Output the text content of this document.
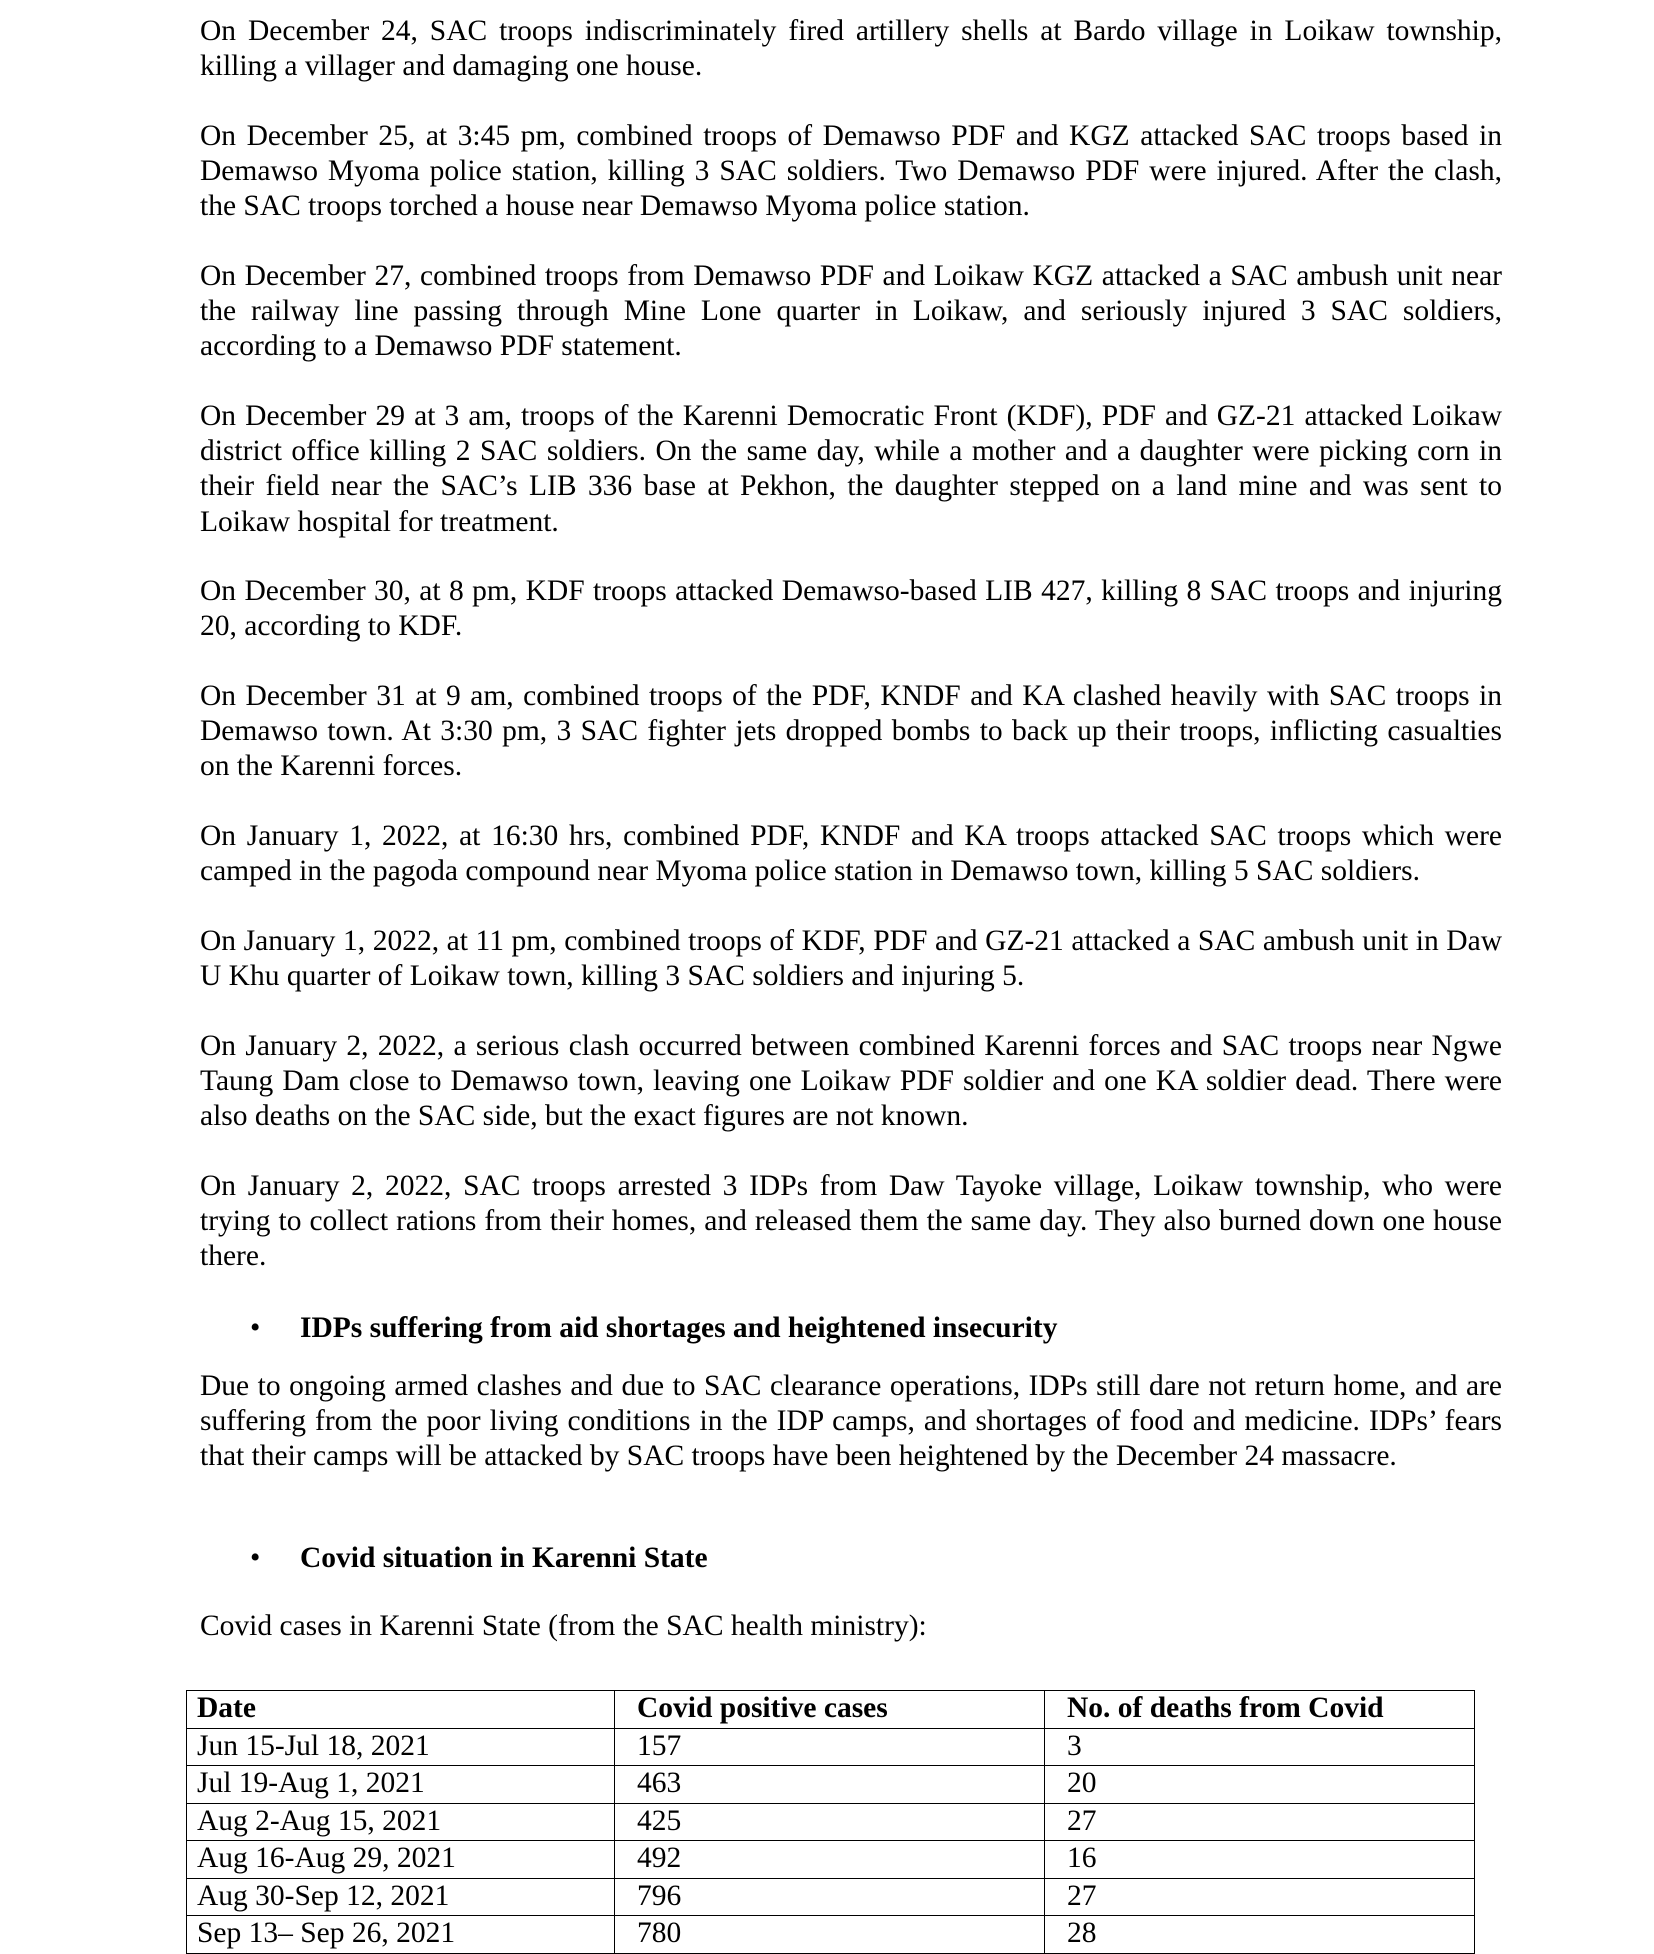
On December 24, SAC troops indiscriminately fired artillery shells at Bardo village in Loikaw township, killing a villager and damaging one house.

On December 25, at 3:45 pm, combined troops of Demawso PDF and KGZ attacked SAC troops based in Demawso Myoma police station, killing 3 SAC soldiers. Two Demawso PDF were injured. After the clash, the SAC troops torched a house near Demawso Myoma police station.

On December 27, combined troops from Demawso PDF and Loikaw KGZ attacked a SAC ambush unit near the railway line passing through Mine Lone quarter in Loikaw, and seriously injured 3 SAC soldiers, according to a Demawso PDF statement.

On December 29 at 3 am, troops of the Karenni Democratic Front (KDF), PDF and GZ-21 attacked Loikaw district office killing 2 SAC soldiers. On the same day, while a mother and a daughter were picking corn in their field near the SAC’s LIB 336 base at Pekhon, the daughter stepped on a land mine and was sent to Loikaw hospital for treatment.

On December 30, at 8 pm, KDF troops attacked Demawso-based LIB 427, killing 8 SAC troops and injuring 20, according to KDF.

On December 31 at 9 am, combined troops of the PDF, KNDF and KA clashed heavily with SAC troops in Demawso town. At 3:30 pm, 3 SAC fighter jets dropped bombs to back up their troops, inflicting casualties on the Karenni forces.

On January 1, 2022, at 16:30 hrs, combined PDF, KNDF and KA troops attacked SAC troops which were camped in the pagoda compound near Myoma police station in Demawso town, killing 5 SAC soldiers.

On January 1, 2022, at 11 pm, combined troops of KDF, PDF and GZ-21 attacked a SAC ambush unit in Daw U Khu quarter of Loikaw town, killing 3 SAC soldiers and injuring 5.

On January 2, 2022, a serious clash occurred between combined Karenni forces and SAC troops near Ngwe Taung Dam close to Demawso town, leaving one Loikaw PDF soldier and one KA soldier dead. There were also deaths on the SAC side, but the exact figures are not known.

On January 2, 2022, SAC troops arrested 3 IDPs from Daw Tayoke village, Loikaw township, who were trying to collect rations from their homes, and released them the same day. They also burned down one house there.

•	IDPs suffering from aid shortages and heightened insecurity

Due to ongoing armed clashes and due to SAC clearance operations, IDPs still dare not return home, and are suffering from the poor living conditions in the IDP camps, and shortages of food and medicine. IDPs’ fears that their camps will be attacked by SAC troops have been heightened by the December 24 massacre.

•	Covid situation in Karenni State

Covid cases in Karenni State (from the SAC health ministry):

Date	Covid positive cases	No. of deaths from Covid
Jun 15-Jul 18, 2021	157	3
Jul 19-Aug 1, 2021	463	20
Aug 2-Aug 15, 2021	425	27
Aug 16-Aug 29, 2021	492	16
Aug 30-Sep 12, 2021	796	27
Sep 13– Sep 26, 2021	780	28
